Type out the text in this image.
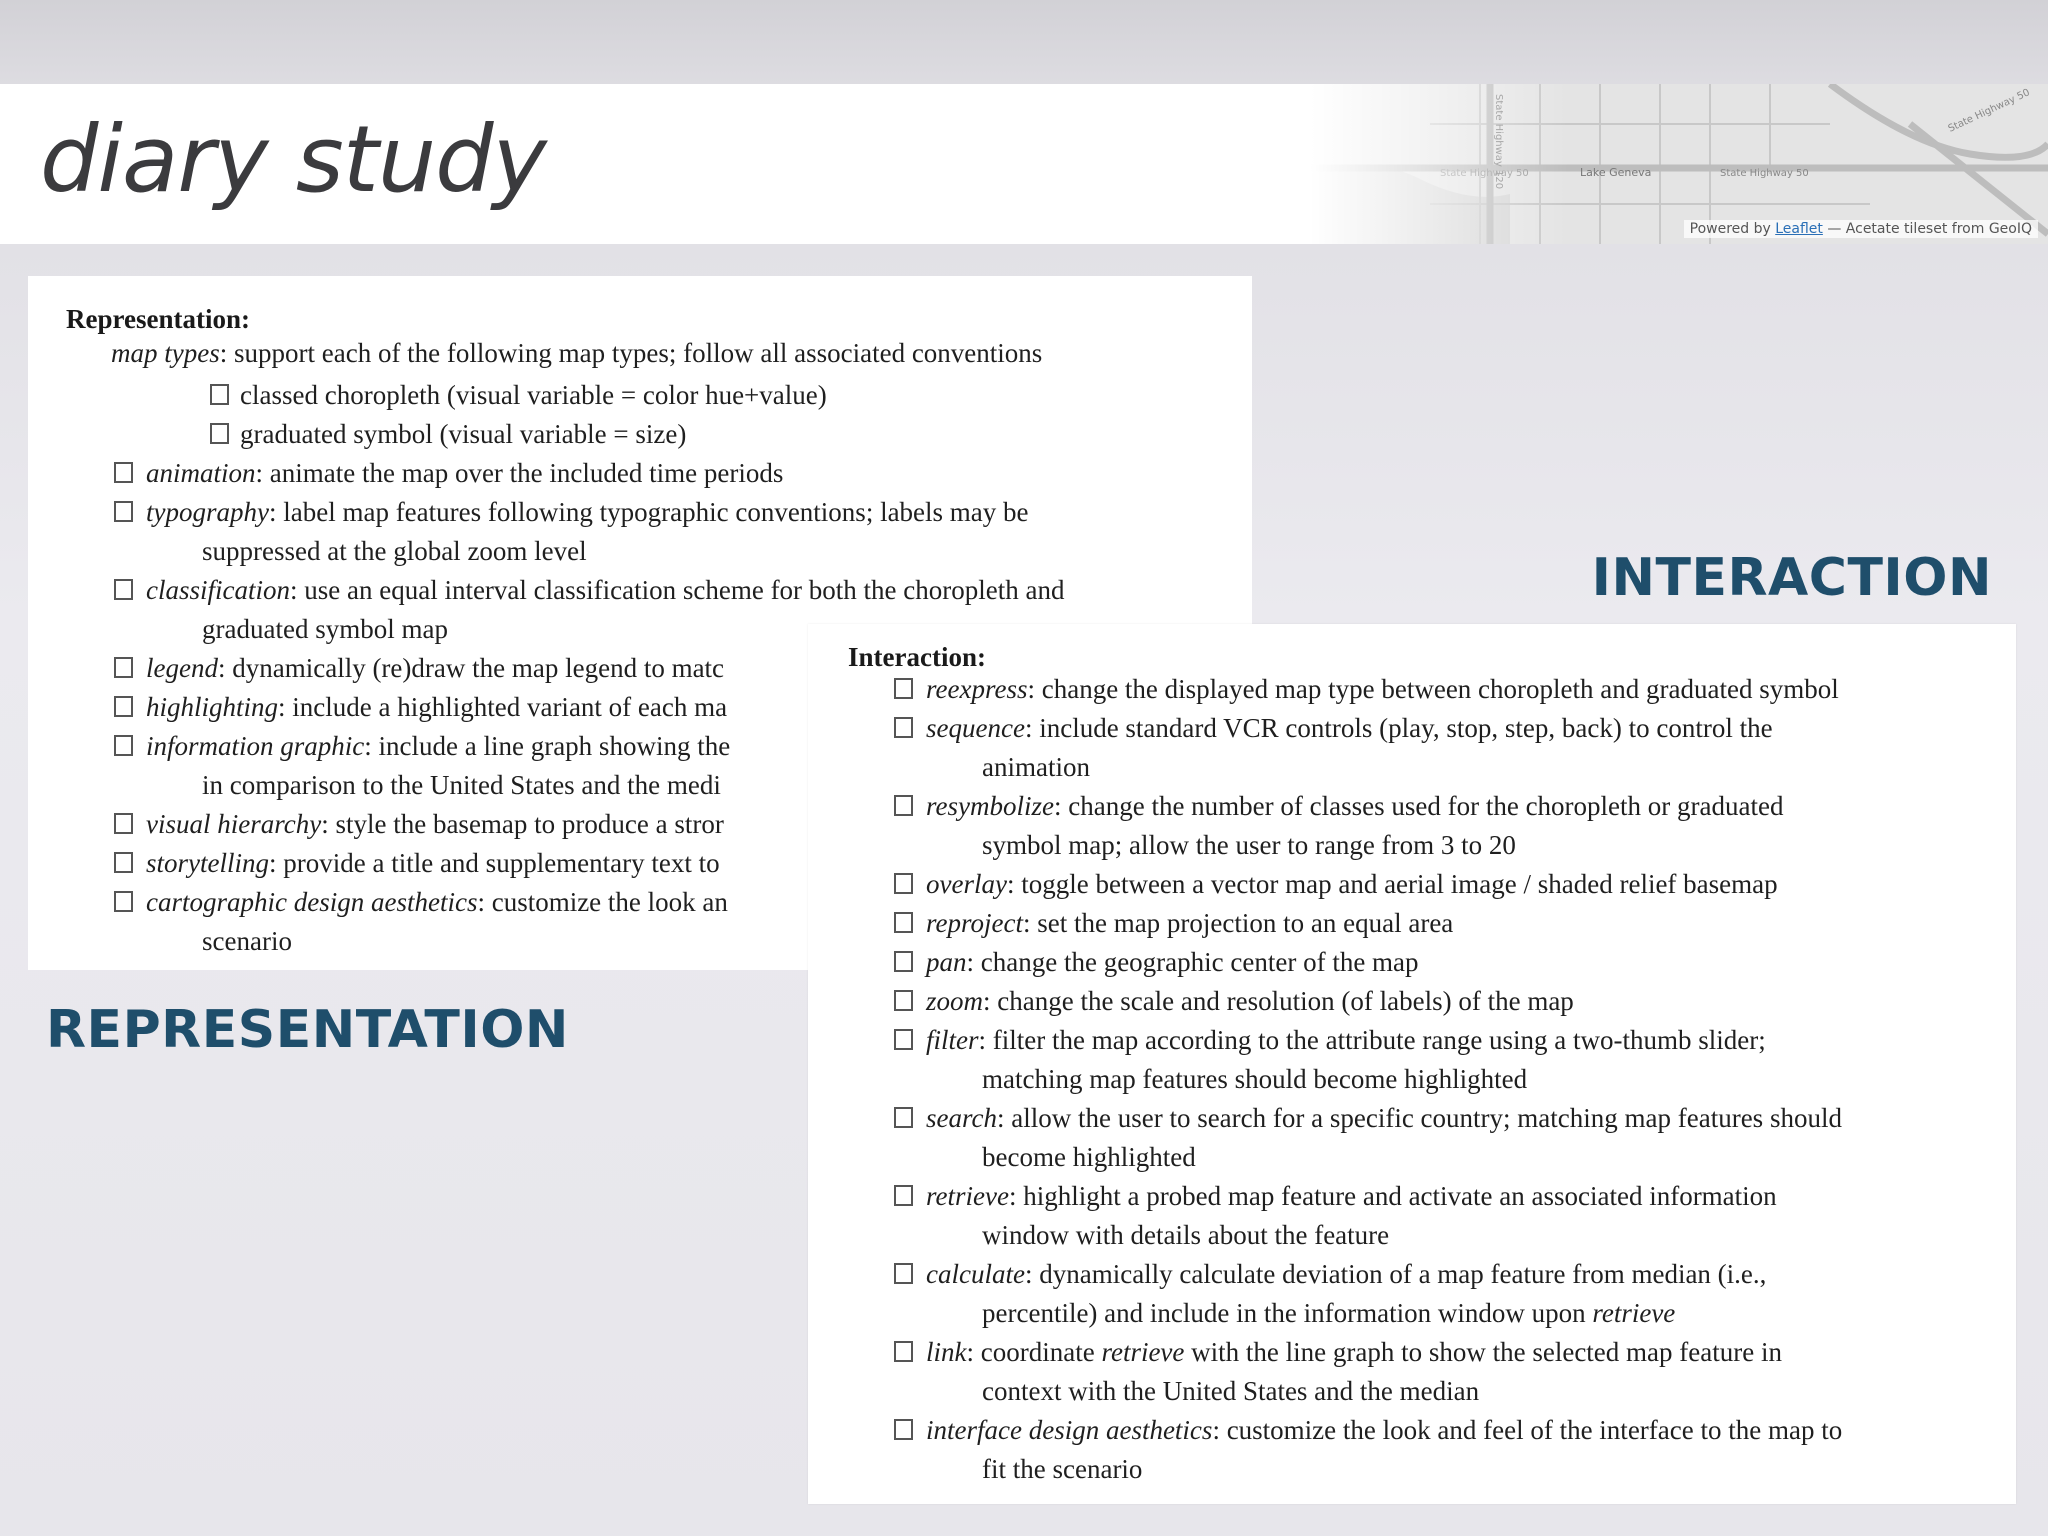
diary study
Powered by Leaflet — Acetate tileset from GeoIQ

Representation:

map types: support each of the following map types; follow all associated conventions
classed choropleth (visual variable = color hue+value)
graduated symbol (visual variable = size)
animation: animate the map over the included time periods
typography: label map features following typographic conventions; labels may be
suppressed at the global zoom level
classification: use an equal interval classification scheme for both the choropleth and
graduated symbol map
legend: dynamically (re)draw the map legend to matc
highlighting: include a highlighted variant of each ma
information graphic: include a line graph showing the
in comparison to the United States and the medi
visual hierarchy: style the basemap to produce a stror
storytelling: provide a title and supplementary text to
cartographic design aesthetics: customize the look an
scenario
INTERACTION

Interaction:

reexpress: change the displayed map type between choropleth and graduated symbol
sequence: include standard VCR controls (play, stop, step, back) to control the
animation
resymbolize: change the number of classes used for the choropleth or graduated
symbol map; allow the user to range from 3 to 20
overlay: toggle between a vector map and aerial image / shaded relief basemap
reproject: set the map projection to an equal area
pan: change the geographic center of the map
zoom: change the scale and resolution (of labels) of the map
filter: filter the map according to the attribute range using a two-thumb slider;
matching map features should become highlighted
search: allow the user to search for a specific country; matching map features should
become highlighted
retrieve: highlight a probed map feature and activate an associated information
window with details about the feature
calculate: dynamically calculate deviation of a map feature from median (i.e.,
percentile) and include in the information window upon retrieve
link: coordinate retrieve with the line graph to show the selected map feature in
context with the United States and the median
interface design aesthetics: customize the look and feel of the interface to the map to
fit the scenario
REPRESENTATION
